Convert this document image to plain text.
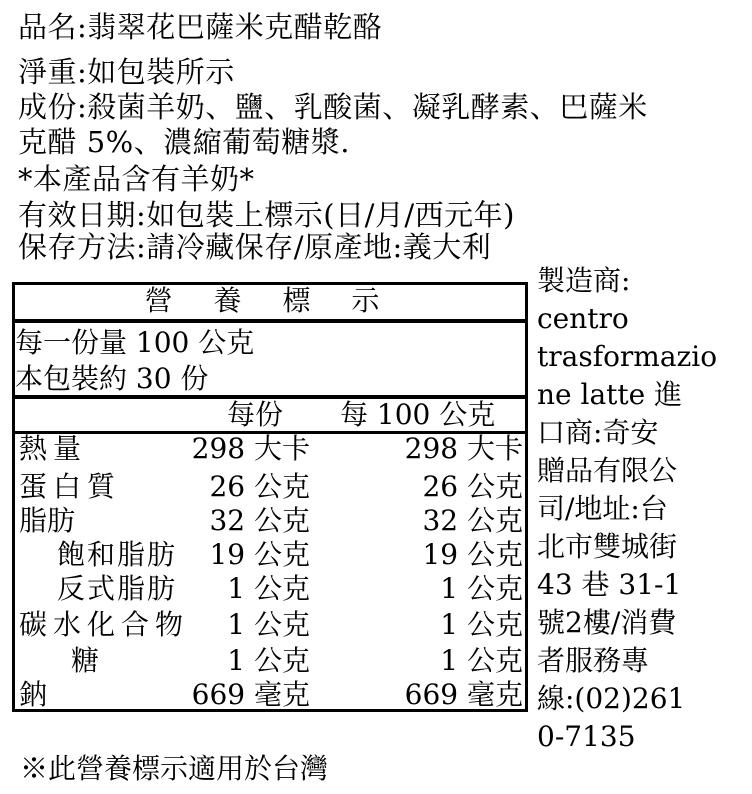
品名:翡翠花巴薩米克醋乾酪
淨重:如包裝所示
成份:殺菌羊奶、鹽、乳酸菌、凝乳酵素、巴薩米
克醋 5%、濃縮葡萄糖漿.
*本產品含有羊奶*
有效日期:如包裝上標示(日/月/西元年)
保存方法:請冷藏保存/原產地:義大利
營 養 標 示
每一份量 100 公克
本包裝約 30 份
每份 每 100 公克
熱量	298 大卡	298 大卡
蛋白質	26 公克	26 公克
脂肪	32 公克	32 公克
飽和脂肪 19 公克	19 公克
反式脂肪 1 公克	1 公克
碳水化合物 1 公克	1 公克
糖	1 公克	1 公克
鈉	669 毫克	669 毫克
製造商:
centro
trasformazio
ne latte 進
口商:奇安
贈品有限公
司/地址:台
北市雙城街
43 巷 31-1
號2樓/消費
者服務專
線:(02)261
0-7135
※此營養標示適用於台灣
